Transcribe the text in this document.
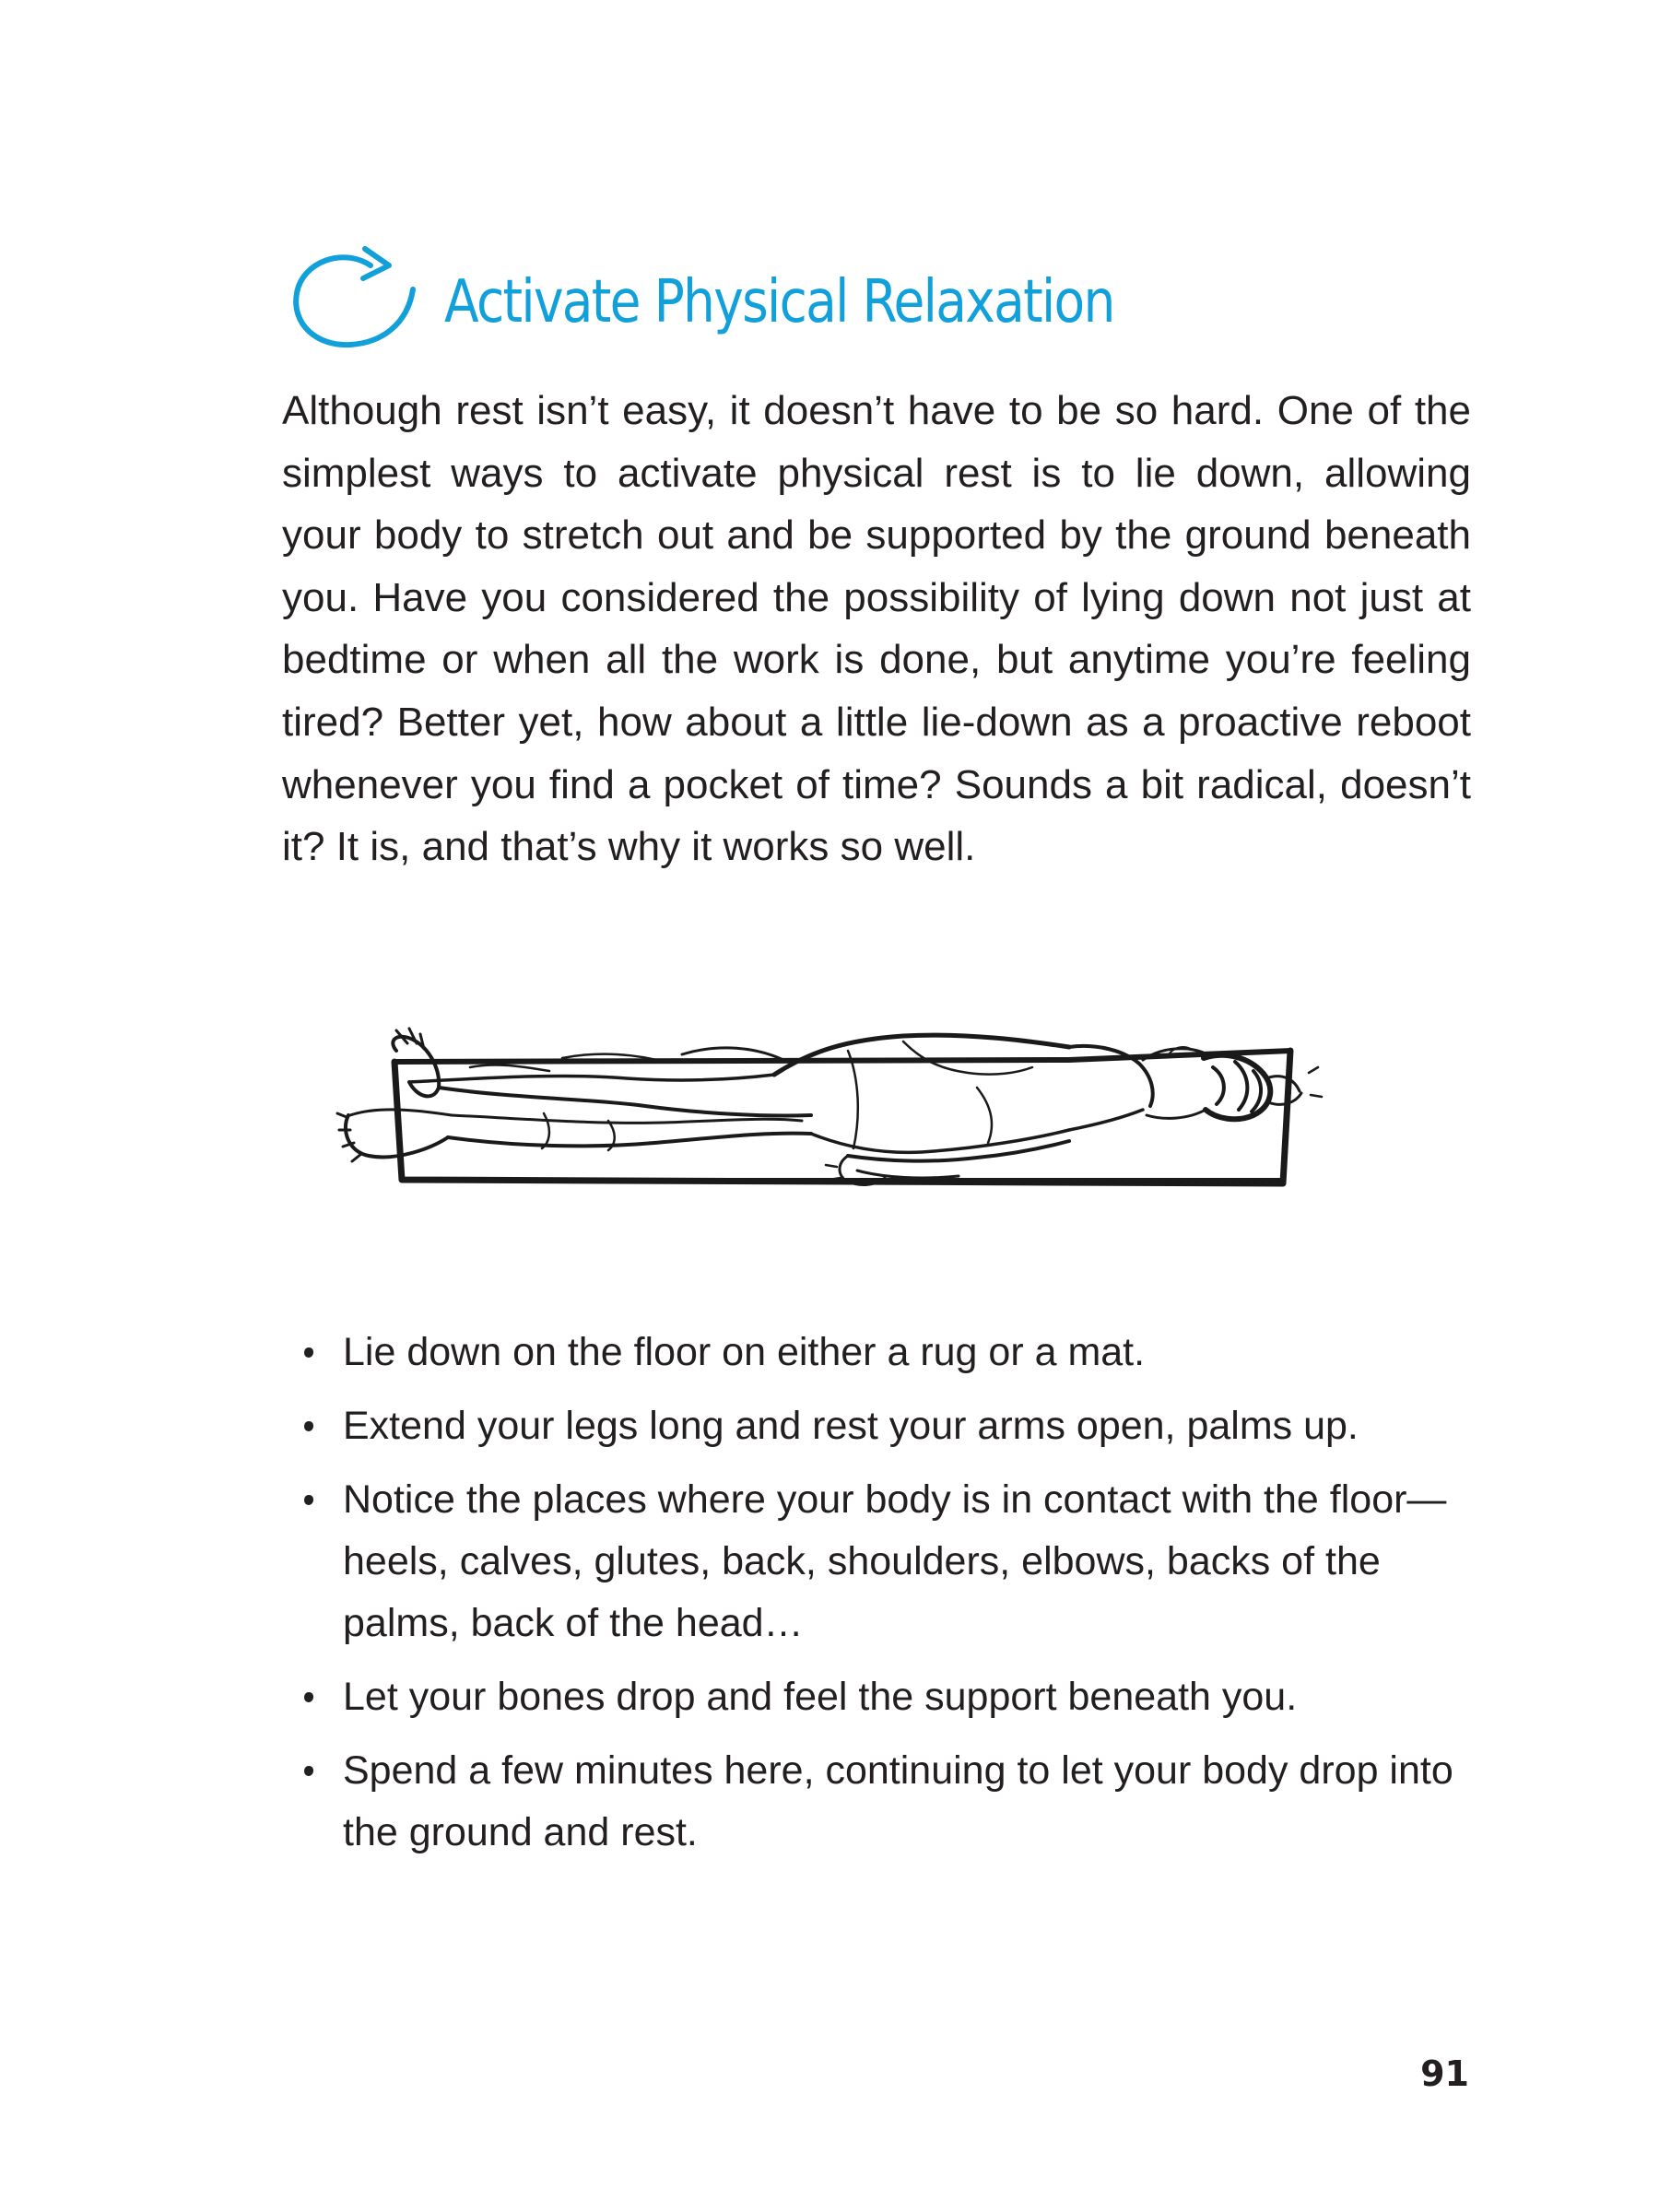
Activate Physical Relaxation

Although rest isn’t easy, it doesn’t have to be so hard. One of the simplest ways to activate physical rest is to lie down, allowing your body to stretch out and be supported by the ground beneath you. Have you considered the possibility of lying down not just at bedtime or when all the work is done, but anytime you’re feeling tired? Better yet, how about a little lie-down as a proactive reboot whenever you find a pocket of time? Sounds a bit radical, doesn’t it? It is, and that’s why it works so well.

Lie down on the floor on either a rug or a mat.
Extend your legs long and rest your arms open, palms up.
Notice the places where your body is in contact with the floor—heels, calves, glutes, back, shoulders, elbows, backs of the palms, back of the head…
Let your bones drop and feel the support beneath you.
Spend a few minutes here, continuing to let your body drop into the ground and rest.
91
